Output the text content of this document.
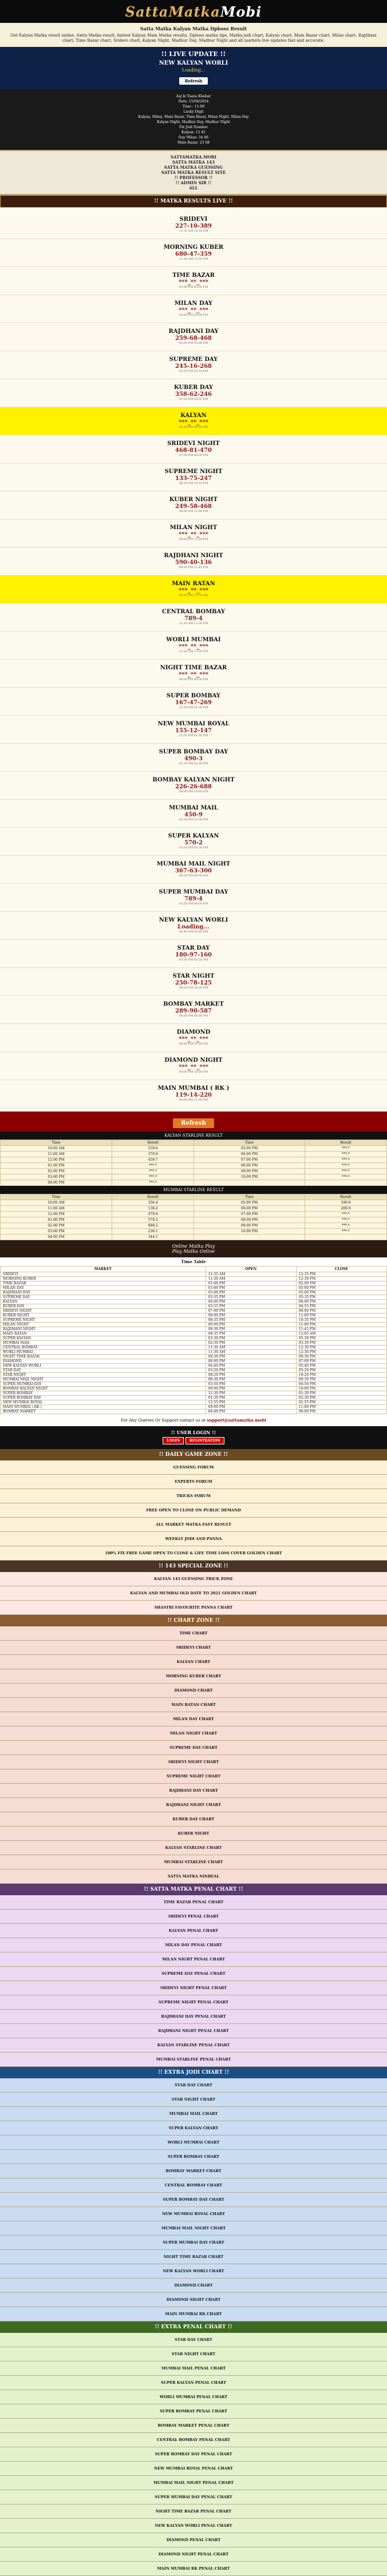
SattaMatkaMobi
Satta Matka Kalyan Matka Dpboss Result
Get Kalyan Matka result online, Satta Matka result, fastest Kalyan Main Matka results, Dpboss matka tips, Matka jodi chart, Kalyan chart, Main Bazar chart, Milan chart, Rajdhani chart, Time Bazar chart, Sridevi chart, Kalyan Night, Madhur Day, Madhur Night and all markets live updates fast and accurate.
!! LIVE UPDATE !!
NEW KALYAN WORLI
Loading...
Refresh
Aaj ki Taaza Khabar
Date: 15/04/2024
Time : 11:00
Lucky Digit
Kalyan, Milan, Main Bazar, Time Bazar, Milan Night, Milan Day
Kalyan Night, Madhur Day, Madhur Night
Fix Jodi Number
Kalyan: 12 45
Day Milan: 34 86
Main Bazar: 23 68
SATTAMATKA.MOBI
SATTA MATKA 143
SATTA MATKA GUESSING
SATTA MATKA RESULT SITE
!! PROFESSOR !!
!! ADMIN SIR !!
ALL
!! MATKA RESULTS LIVE !!
SRIDEVI
227-10-389
11:35 AM 12:35 PM
MORNING KUBER
680-47-359
11:30 AM 12:30 PM
TIME BAZAR
***_**_***
01:00 PM 02:00 PM
MILAN DAY
***_**_***
03:00 PM 05:00 PM
RAJDHANI DAY
259-68-468
03:00 PM 05:00 PM
SUPREME DAY
245-16-268
03:35 PM 05:35 PM
KUBER DAY
358-62-246
03:55 PM 04:55 PM
KALYAN
***_**_***
04:00 PM 06:00 PM
SRIDEVI NIGHT
468-81-470
07:00 PM 08:00 PM
SUPREME NIGHT
133-75-247
08:35 PM 10:35 PM
KUBER NIGHT
249-58-468
09:00 PM 11:00 PM
MILAN NIGHT
***_**_***
09:00 PM 11:00 PM
RAJDHANI NIGHT
590-40-136
09:30 PM 11:45 PM
MAIN RATAN
***_**_***
09:35 PM 12:05 AM
CENTRAL BOMBAY
789-4
11:30 AM 12:30 PM
WORLI MUMBAI
***_**_***
11:30 AM 12:30 PM
NIGHT TIME BAZAR
***_**_***
08:30 PM 09:30 PM
SUPER BOMBAY
167-47-269
12:30 PM 01:30 PM
NEW MUMBAI ROYAL
155-12-147
12:55 PM 01:55 PM
SUPER BOMBAY DAY
490-3
01:30 PM 02:30 PM
BOMBAY KALYAN NIGHT
226-26-688
09:00 PM 10:00 PM
MUMBAI MAIL
450-9
02:30 PM 03:30 PM
SUPER KALYAN
570-2
03:30 PM 05:30 PM
MUMBAI MAIL NIGHT
367-63-300
08:30 PM 09:30 PM
SUPER MUMBAI DAY
789-4
03:50 PM 04:50 PM
NEW KALYAN WORLI
Loading...
04:40 PM 05:40 PM
STAR DAY
180-97-160
03:20 PM 05:20 PM
STAR NIGHT
250-78-125
08:20 PM 10:20 PM
BOMBAY MARKET
289-90-587
04:00 PM 06:00 PM
DIAMOND
***_**_***
06:00 PM 07:00 PM
DIAMOND NIGHT
***_**_***
09:00 PM 10:00 PM
MAIN MUMBAI ( RK )
119-14-220
09:00 PM 11:00 PM
Refresh
KALYAN STARLINE RESULT
Time	Result	Time	Result
10:00 AM	259-6	05:00 PM	***-*
11:00 AM	378-8	06:00 PM	***-*
12:00 PM	458-7	07:00 PM	***-*
01:00 PM	***-*	08:00 PM	***-*
02:00 PM	***-*	09:00 PM	***-*
03:00 PM	***-*	10:00 PM	***-*
04:00 PM	***-*		
MUMBAI STARLINE RESULT
Time	Result	Time	Result
10:00 AM	356-4	05:00 PM	190-0
11:00 AM	138-2	06:00 PM	289-9
12:00 PM	479-0	07:00 PM	***-*
01:00 PM	570-2	08:00 PM	***-*
02:00 PM	688-2	09:00 PM	***-*
03:00 PM	236-1	10:00 PM	***-*
04:00 PM	344-1		
Online Matka Play
Play Matka Online
Time Table
MARKET	OPEN	CLOSE
SRIDEVI	11:35 AM	12:35 PM
MORNING KUBER	11:30 AM	12:30 PM
TIME BAZAR	01:00 PM	02:00 PM
MILAN DAY	03:00 PM	05:00 PM
RAJDHANI DAY	03:00 PM	05:00 PM
SUPREME DAY	03:35 PM	05:35 PM
KALYAN	04:00 PM	06:00 PM
KUBER DAY	03:55 PM	04:55 PM
SRIDEVI NIGHT	07:00 PM	08:00 PM
KUBER NIGHT	09:00 PM	11:00 PM
SUPREME NIGHT	08:35 PM	10:35 PM
MILAN NIGHT	09:00 PM	11:00 PM
RAJDHANI NIGHT	09:30 PM	11:45 PM
MAIN RATAN	09:35 PM	12:05 AM
SUPER KALYAN	03:30 PM	05:30 PM
MUMBAI MAIL	02:30 PM	03:30 PM
CENTRAL BOMBAY	11:30 AM	12:30 PM
WORLI MUMBAI	11:30 AM	12:30 PM
NIGHT TIME BAZAR	08:30 PM	09:30 PM
DIAMOND	06:00 PM	07:00 PM
NEW KALYAN WORLI	04:40 PM	05:40 PM
STAR DAY	03:20 PM	05:20 PM
STAR NIGHT	08:20 PM	10:20 PM
MUMBAI MAIL NIGHT	08:30 PM	09:30 PM
SUPER MUMBAI DAY	03:50 PM	04:50 PM
BOMBAY KALYAN NIGHT	09:00 PM	10:00 PM
SUPER BOMBAY	12:30 PM	01:30 PM
SUPER BOMBAY DAY	01:30 PM	02:30 PM
NEW MUMBAI ROYAL	12:55 PM	01:55 PM
MAIN MUMBAI ( RK )	09:00 PM	11:00 PM
BOMBAY MARKET	04:00 PM	06:00 PM
For Any Queries Or Support contact us at support@sattamatka.mobi
!! USER LOGIN !!
LOGIN	REGISTRATION
!! DAILY GAME ZONE !!
GUESSING FORUM
EXPERTS FORUM
TRICKS FORUM
FREE OPEN TO CLOSE ON PUBLIC DEMAND
ALL MARKET MATKA FAST RESULT
WEEKLY JODI AND PANNA
100% FIX FREE GAME OPEN TO CLOSE & LIFE TIME LOSS COVER GOLDEN CHART
!! 143 SPECIAL ZONE !!
KALYAN 143 GUESSING TRICK ZONE
KALYAN AND MUMBAI OLD DATE TO 2021 GOLDEN CHART
SHASTRI FAVOURITE PANNA CHART
!! CHART ZONE !!
TIME CHART
SRIDEVI CHART
KALYAN CHART
MORNING KUBER CHART
DIAMOND CHART
MAIN RATAN CHART
MILAN DAY CHART
MILAN NIGHT CHART
SUPREME DAY CHART
SRIDEVI NIGHT CHART
SUPREME NIGHT CHART
RAJDHANI DAY CHART
RAJDHANI NIGHT CHART
KUBER DAY CHART
KUBER NIGHT
KALYAN STARLINE CHART
MUMBAI STARLINE CHART
SATTA MATKA NINREAL
!! SATTA MATKA PENAL CHART !!
TIME BAZAR PENAL CHART
SRIDEVI PENAL CHART
KALYAN PENAL CHART
MILAN DAY PENAL CHART
MILAN NIGHT PENAL CHART
SUPREME DAY PENAL CHART
SRIDEVI NIGHT PENAL CHART
SUPREME NIGHT PENAL CHART
RAJDHANI DAY PENAL CHART
RAJDHANI NIGHT PENAL CHART
KALYAN STARLINE PENAL CHART
MUMBAI STARLINE PENAL CHART
!! EXTRA JODI CHART !!
STAR DAY CHART
STAR NIGHT CHART
MUMBAI MAIL CHART
SUPER KALYAN CHART
WORLI MUMBAI CHART
SUPER BOMBAY CHART
BOMBAY MARKET CHART
CENTRAL BOMBAY CHART
SUPER BOMBAY DAY CHART
NEW MUMBAI ROYAL CHART
MUMBAI MAIL NIGHT CHART
SUPER MUMBAI DAY CHART
NIGHT TIME BAZAR CHART
NEW KALYAN WORLI CHART
DIAMOND CHART
DIAMOND NIGHT CHART
MAIN MUMBAI RK CHART
!! EXTRA PENAL CHART !!
STAR DAY CHART
STAR NIGHT CHART
MUMBAI MAIL PENAL CHART
SUPER KALYAN PENAL CHART
WORLI MUMBAI PENAL CHART
SUPER BOMBAY PENAL CHART
BOMBAY MARKET PENAL CHART
CENTRAL BOMBAY PENAL CHART
SUPER BOMBAY DAY PENAL CHART
NEW MUMBAI ROYAL PENAL CHART
MUMBAI MAIL NIGHT PENAL CHART
SUPER MUMBAI DAY PENAL CHART
NIGHT TIME BAZAR PENAL CHART
NEW KALYAN WORLI PENAL CHART
DIAMOND PENAL CHART
DIAMOND NIGHT PENAL CHART
MAIN MUMBAI RK PENAL CHART
